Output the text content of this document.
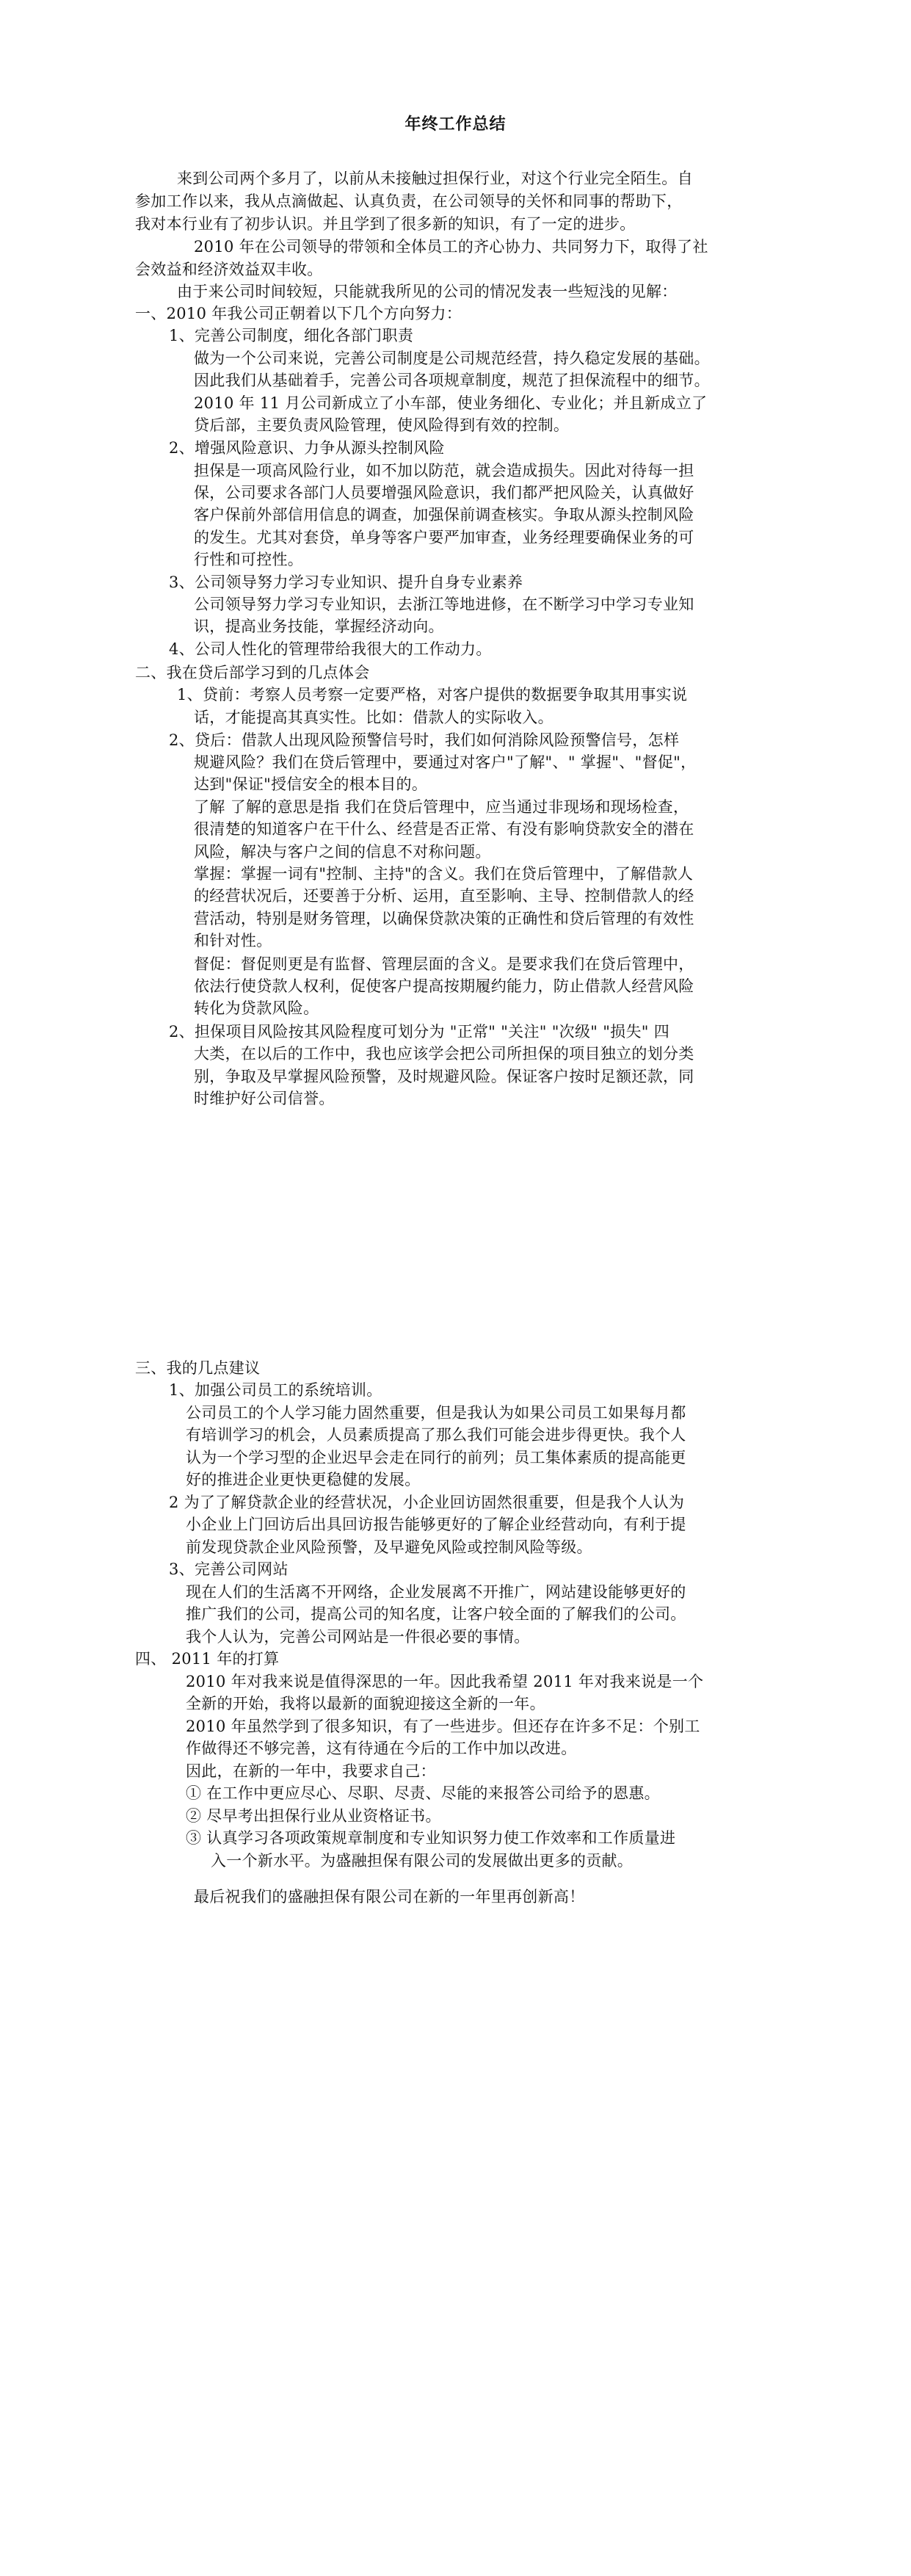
年终工作总结
来到公司两个多月了，以前从未接触过担保行业，对这个行业完全陌生。自
参加工作以来，我从点滴做起、认真负责，在公司领导的关怀和同事的帮助下，
我对本行业有了初步认识。并且学到了很多新的知识，有了一定的进步。
2010 年在公司领导的带领和全体员工的齐心协力、共同努力下，取得了社
会效益和经济效益双丰收。
由于来公司时间较短，只能就我所见的公司的情况发表一些短浅的见解：
一、2010 年我公司正朝着以下几个方向努力：
1、完善公司制度，细化各部门职责
做为一个公司来说，完善公司制度是公司规范经营，持久稳定发展的基础。
因此我们从基础着手，完善公司各项规章制度，规范了担保流程中的细节。
2010 年 11 月公司新成立了小车部，使业务细化、专业化；并且新成立了
贷后部，主要负责风险管理，使风险得到有效的控制。
2、增强风险意识、力争从源头控制风险
担保是一项高风险行业，如不加以防范，就会造成损失。因此对待每一担
保，公司要求各部门人员要增强风险意识，我们都严把风险关，认真做好
客户保前外部信用信息的调查，加强保前调查核实。争取从源头控制风险
的发生。尤其对套贷，单身等客户要严加审查，业务经理要确保业务的可
行性和可控性。
3、公司领导努力学习专业知识、提升自身专业素养
公司领导努力学习专业知识，去浙江等地进修，在不断学习中学习专业知
识，提高业务技能，掌握经济动向。
4、公司人性化的管理带给我很大的工作动力。
二、我在贷后部学习到的几点体会
1、贷前：考察人员考察一定要严格，对客户提供的数据要争取其用事实说
话，才能提高其真实性。比如：借款人的实际收入。
2、贷后：借款人出现风险预警信号时，我们如何消除风险预警信号，怎样
规避风险？我们在贷后管理中，要通过对客户"了解"、" 掌握"、"督促"，
达到"保证"授信安全的根本目的。
了解 了解的意思是指 我们在贷后管理中，应当通过非现场和现场检查，
很清楚的知道客户在干什么、经营是否正常、有没有影响贷款安全的潜在
风险，解决与客户之间的信息不对称问题。
掌握：掌握一词有"控制、主持"的含义。我们在贷后管理中，了解借款人
的经营状况后，还要善于分析、运用，直至影响、主导、控制借款人的经
营活动，特别是财务管理，以确保贷款决策的正确性和贷后管理的有效性
和针对性。
督促：督促则更是有监督、管理层面的含义。是要求我们在贷后管理中，
依法行使贷款人权利，促使客户提高按期履约能力，防止借款人经营风险
转化为贷款风险。
2、担保项目风险按其风险程度可划分为 "正常" "关注" "次级" "损失" 四
大类，在以后的工作中，我也应该学会把公司所担保的项目独立的划分类
别，争取及早掌握风险预警，及时规避风险。保证客户按时足额还款，同
时维护好公司信誉。
三、我的几点建议
1、加强公司员工的系统培训。
公司员工的个人学习能力固然重要，但是我认为如果公司员工如果每月都
有培训学习的机会，人员素质提高了那么我们可能会进步得更快。我个人
认为一个学习型的企业迟早会走在同行的前列；员工集体素质的提高能更
好的推进企业更快更稳健的发展。
2 为了了解贷款企业的经营状况，小企业回访固然很重要，但是我个人认为
小企业上门回访后出具回访报告能够更好的了解企业经营动向，有利于提
前发现贷款企业风险预警，及早避免风险或控制风险等级。
3、完善公司网站
现在人们的生活离不开网络，企业发展离不开推广，网站建设能够更好的
推广我们的公司，提高公司的知名度，让客户较全面的了解我们的公司。
我个人认为，完善公司网站是一件很必要的事情。
四、 2011 年的打算
2010 年对我来说是值得深思的一年。因此我希望 2011 年对我来说是一个
全新的开始，我将以最新的面貌迎接这全新的一年。
2010 年虽然学到了很多知识，有了一些进步。但还存在许多不足：个别工
作做得还不够完善，这有待通在今后的工作中加以改进。
因此，在新的一年中，我要求自己：
① 在工作中更应尽心、尽职、尽责、尽能的来报答公司给予的恩惠。
② 尽早考出担保行业从业资格证书。
③ 认真学习各项政策规章制度和专业知识努力使工作效率和工作质量进
入一个新水平。为盛融担保有限公司的发展做出更多的贡献。
最后祝我们的盛融担保有限公司在新的一年里再创新高！
